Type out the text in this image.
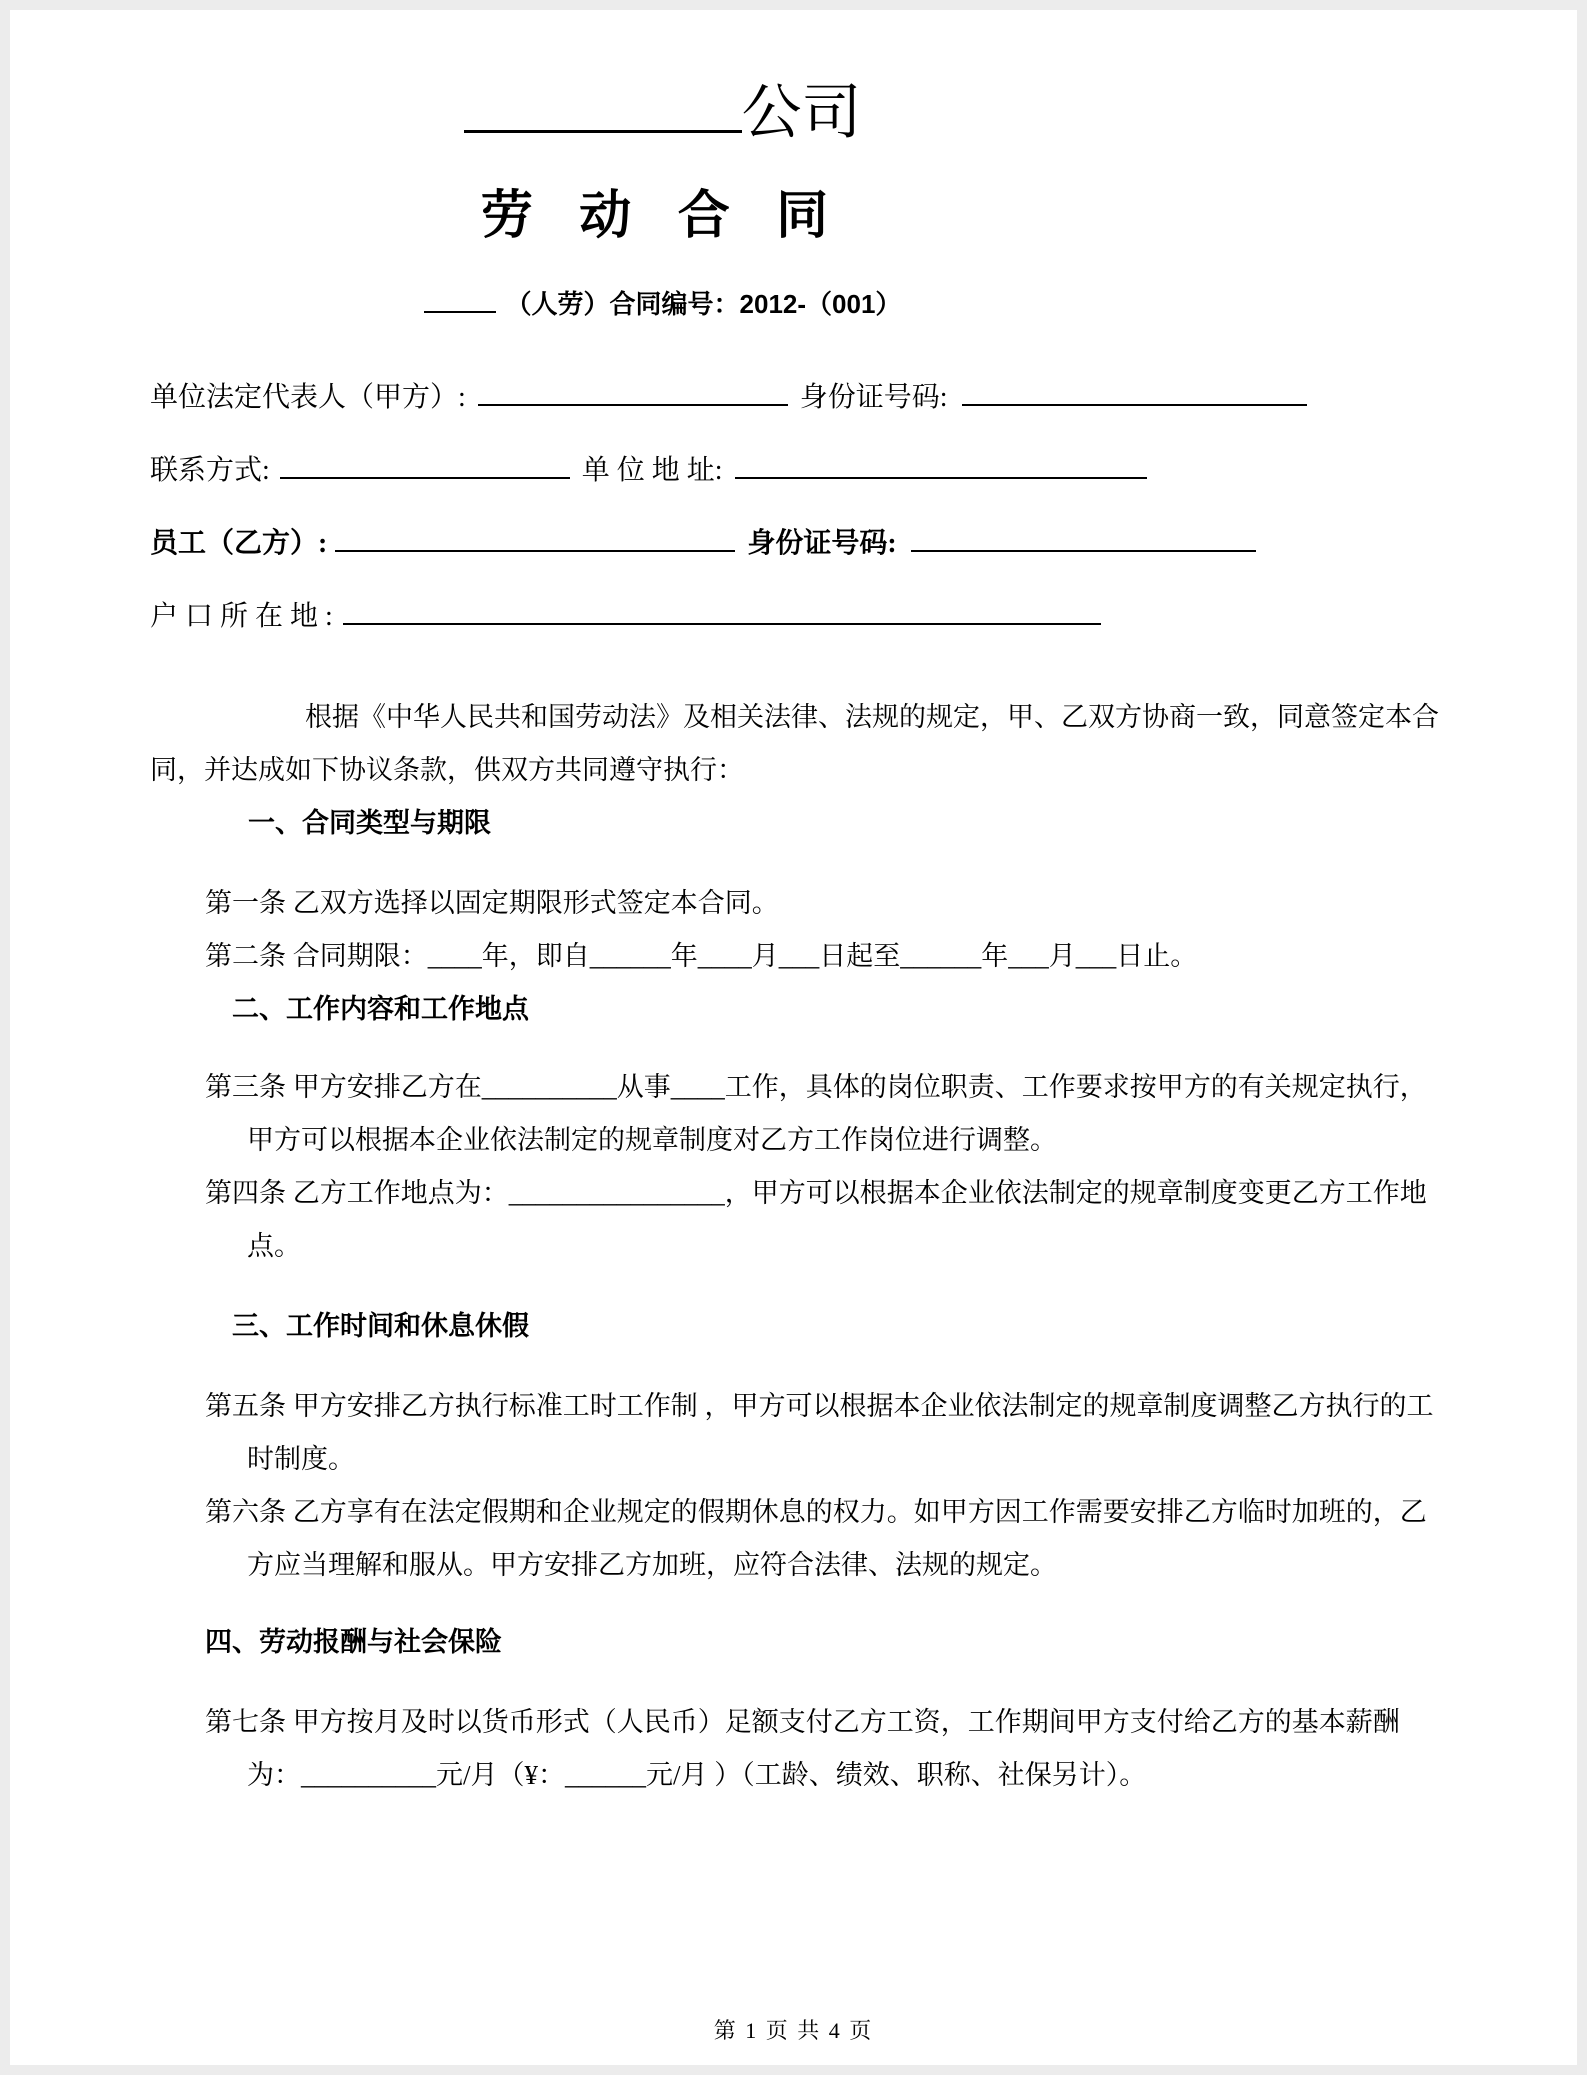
公司
劳 动 合 同
（人劳）合同编号：2012-（001）
单位法定代表人（甲方）:	身份证号码:
联系方式:	单 位 地 址:
员工（乙方）:	身份证号码:
户 口 所 在 地 :

根据《中华人民共和国劳动法》及相关法律、法规的规定，甲、乙双方协商一致，同意签定本合同，并达成如下协议条款，供双方共同遵守执行：

一、合同类型与期限

第一条 乙双方选择以固定期限形式签定本合同。

第二条 合同期限：____年，即自______年____月___日起至______年___月___日止。

二、工作内容和工作地点

第三条 甲方安排乙方在__________从事____工作，具体的岗位职责、工作要求按甲方的有关规定执行，甲方可以根据本企业依法制定的规章制度对乙方工作岗位进行调整。

第四条 乙方工作地点为：________________，甲方可以根据本企业依法制定的规章制度变更乙方工作地点。

三、工作时间和休息休假

第五条 甲方安排乙方执行标准工时工作制 ，甲方可以根据本企业依法制定的规章制度调整乙方执行的工时制度。

第六条 乙方享有在法定假期和企业规定的假期休息的权力。如甲方因工作需要安排乙方临时加班的，乙方应当理解和服从。甲方安排乙方加班，应符合法律、法规的规定。

四、劳动报酬与社会保险

第七条 甲方按月及时以货币形式（人民币）足额支付乙方工资，工作期间甲方支付给乙方的基本薪酬为：__________元/月（¥：______元/月 ）（工龄、绩效、职称、社保另计）。

第 1 页 共 4 页
